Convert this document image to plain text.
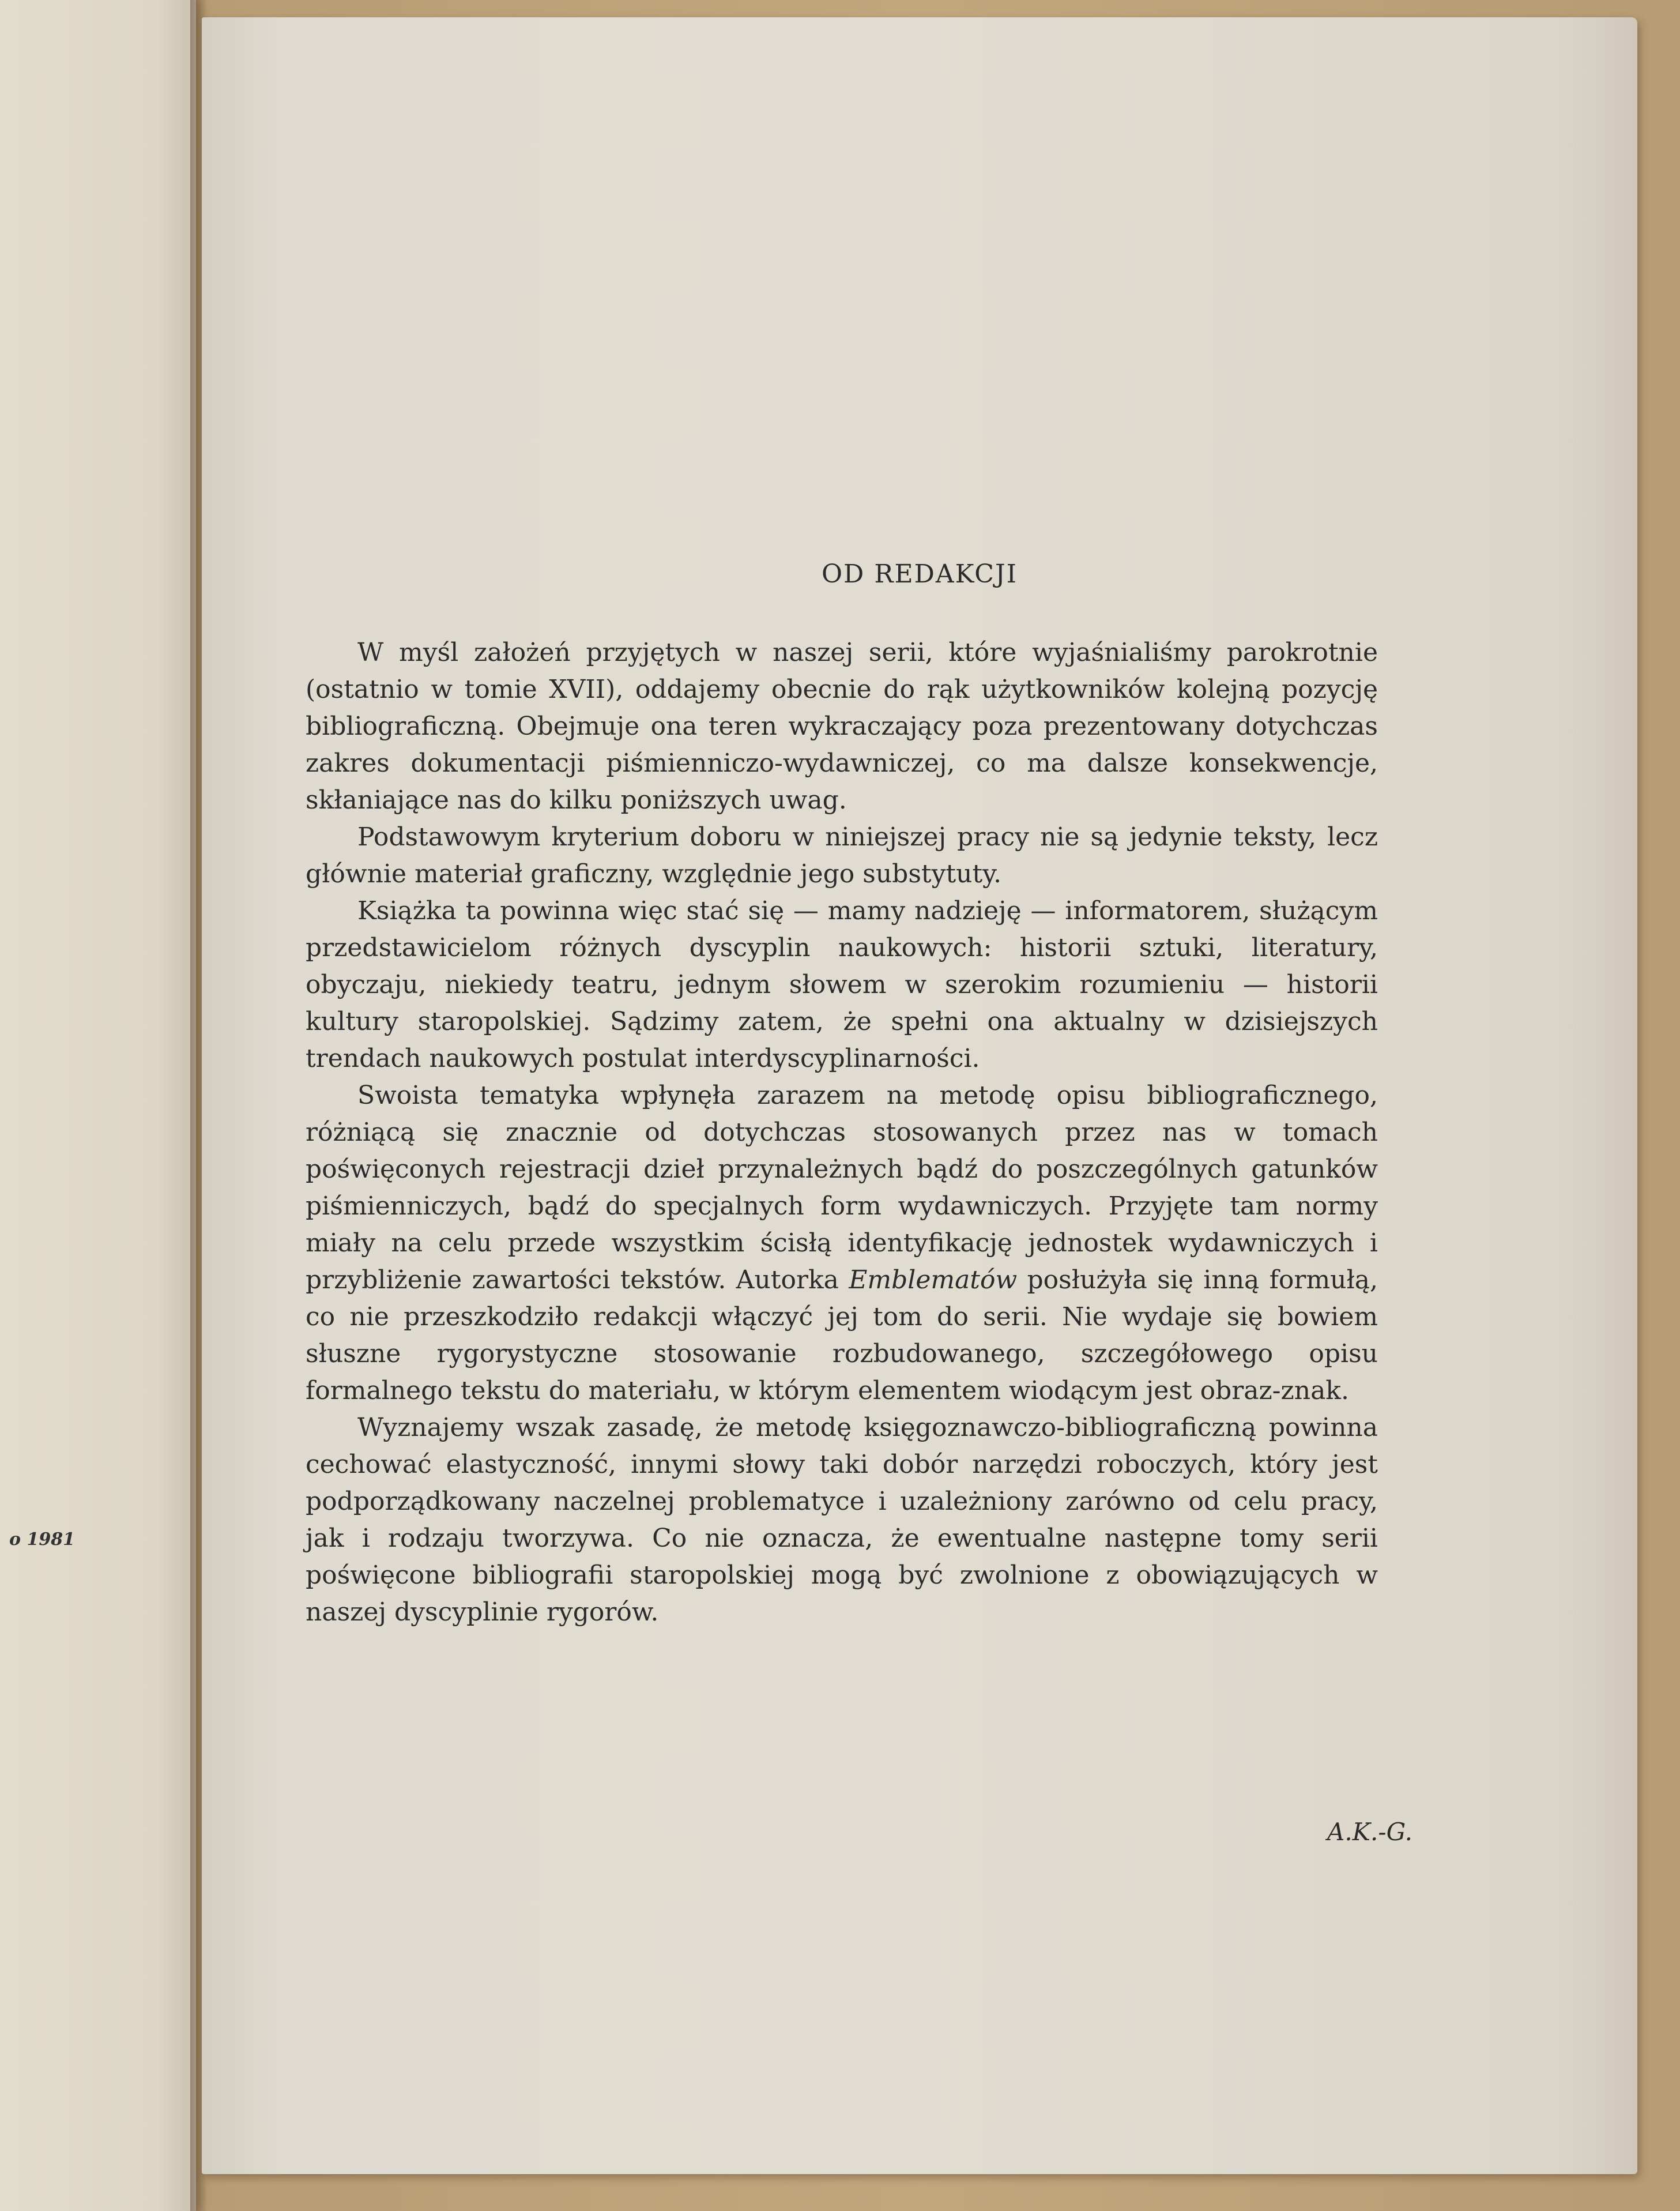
o 1981
OD REDAKCJI

W myśl założeń przyjętych w naszej serii, które wyjaśnialiśmy parokrotnie (ostatnio w tomie XVII), oddajemy obecnie do rąk użytkowników kolejną pozycję bibliograficzną. Obejmuje ona teren wykraczający poza prezentowany dotychczas zakres dokumentacji piśmienniczo-wydawniczej, co ma dalsze konsekwencje, skłaniające nas do kilku poniższych uwag.

Podstawowym kryterium doboru w niniejszej pracy nie są jedynie teksty, lecz głównie materiał graficzny, względnie jego substytuty.

Książka ta powinna więc stać się — mamy nadzieję — informatorem, służącym przedstawicielom różnych dyscyplin naukowych: historii sztuki, literatury, obyczaju, niekiedy teatru, jednym słowem w szerokim rozumieniu — historii kultury staropolskiej. Sądzimy zatem, że spełni ona aktualny w dzisiejszych trendach naukowych postulat interdyscyplinarności.

Swoista tematyka wpłynęła zarazem na metodę opisu bibliograficznego, różniącą się znacznie od dotychczas stosowanych przez nas w tomach poświęconych rejestracji dzieł przynależnych bądź do poszczególnych gatunków piśmienniczych, bądź do specjalnych form wydawniczych. Przyjęte tam normy miały na celu przede wszystkim ścisłą identyfikację jednostek wydawniczych i przybliżenie zawartości tekstów. Autorka Emblematów posłużyła się inną formułą, co nie przeszkodziło redakcji włączyć jej tom do serii. Nie wydaje się bowiem słuszne rygorystyczne stosowanie rozbudowanego, szczegółowego opisu formalnego tekstu do materiału, w którym elementem wiodącym jest obraz-znak.

Wyznajemy wszak zasadę, że metodę księgoznawczo-bibliograficzną powinna cechować elastyczność, innymi słowy taki dobór narzędzi roboczych, który jest podporządkowany naczelnej problematyce i uzależniony zarówno od celu pracy, jak i rodzaju tworzywa. Co nie oznacza, że ewentualne następne tomy serii poświęcone bibliografii staropolskiej mogą być zwolnione z obowiązujących w naszej dyscyplinie rygorów.

A.K.-G.
